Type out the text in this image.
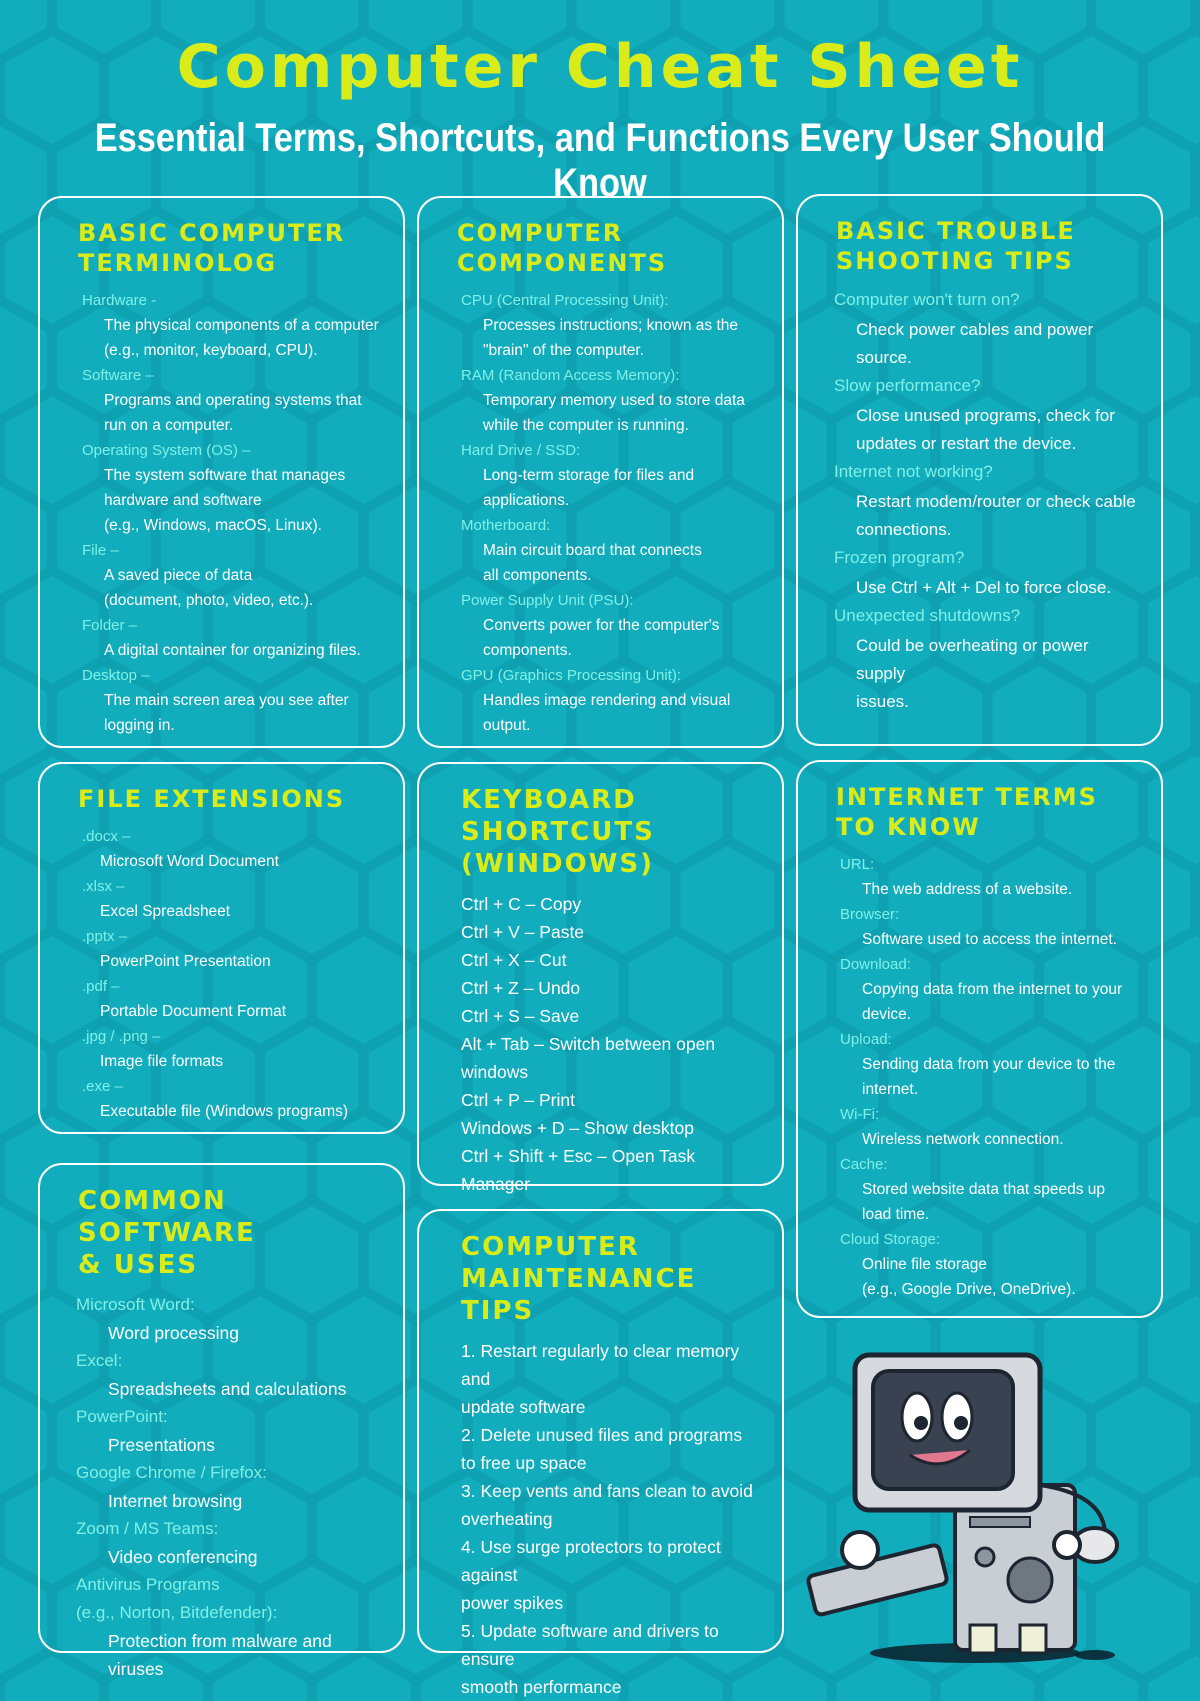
Computer Cheat Sheet
Essential Terms, Shortcuts, and Functions Every User Should Know
BASIC COMPUTER
TERMINOLOG
Hardware -
The physical components of a computer
(e.g., monitor, keyboard, CPU).
Software –
Programs and operating systems that
run on a computer.
Operating System (OS) –
The system software that manages
hardware and software
(e.g., Windows, macOS, Linux).
File –
A saved piece of data
(document, photo, video, etc.).
Folder –
A digital container for organizing files.
Desktop –
The main screen area you see after
logging in.
COMPUTER
COMPONENTS
CPU (Central Processing Unit):
Processes instructions; known as the
"brain" of the computer.
RAM (Random Access Memory):
Temporary memory used to store data
while the computer is running.
Hard Drive / SSD:
Long-term storage for files and
applications.
Motherboard:
Main circuit board that connects
all components.
Power Supply Unit (PSU):
Converts power for the computer's
components.
GPU (Graphics Processing Unit):
Handles image rendering and visual
output.
BASIC TROUBLE
SHOOTING TIPS
Computer won't turn on?
Check power cables and power source.
Slow performance?
Close unused programs, check for
updates or restart the device.
Internet not working?
Restart modem/router or check cable
connections.
Frozen program?
Use Ctrl + Alt + Del to force close.
Unexpected shutdowns?
Could be overheating or power supply
issues.
FILE EXTENSIONS
.docx –
Microsoft Word Document
.xlsx –
Excel Spreadsheet
.pptx –
PowerPoint Presentation
.pdf –
Portable Document Format
.jpg / .png –
Image file formats
.exe –
Executable file (Windows programs)
KEYBOARD
SHORTCUTS
(WINDOWS)
Ctrl + C – Copy
Ctrl + V – Paste
Ctrl + X – Cut
Ctrl + Z – Undo
Ctrl + S – Save
Alt + Tab – Switch between open
windows
Ctrl + P – Print
Windows + D – Show desktop
Ctrl + Shift + Esc – Open Task Manager
INTERNET TERMS
TO KNOW
URL:
The web address of a website.
Browser:
Software used to access the internet.
Download:
Copying data from the internet to your
device.
Upload:
Sending data from your device to the
internet.
Wi-Fi:
Wireless network connection.
Cache:
Stored website data that speeds up
load time.
Cloud Storage:
Online file storage
(e.g., Google Drive, OneDrive).
COMMON
SOFTWARE
& USES
Microsoft Word:
Word processing
Excel:
Spreadsheets and calculations
PowerPoint:
Presentations
Google Chrome / Firefox:
Internet browsing
Zoom / MS Teams:
Video conferencing
Antivirus Programs
(e.g., Norton, Bitdefender):
Protection from malware and viruses
COMPUTER
MAINTENANCE
TIPS
1. Restart regularly to clear memory and
update software
2. Delete unused files and programs
to free up space
3. Keep vents and fans clean to avoid
overheating
4. Use surge protectors to protect against
power spikes
5. Update software and drivers to ensure
smooth performance
